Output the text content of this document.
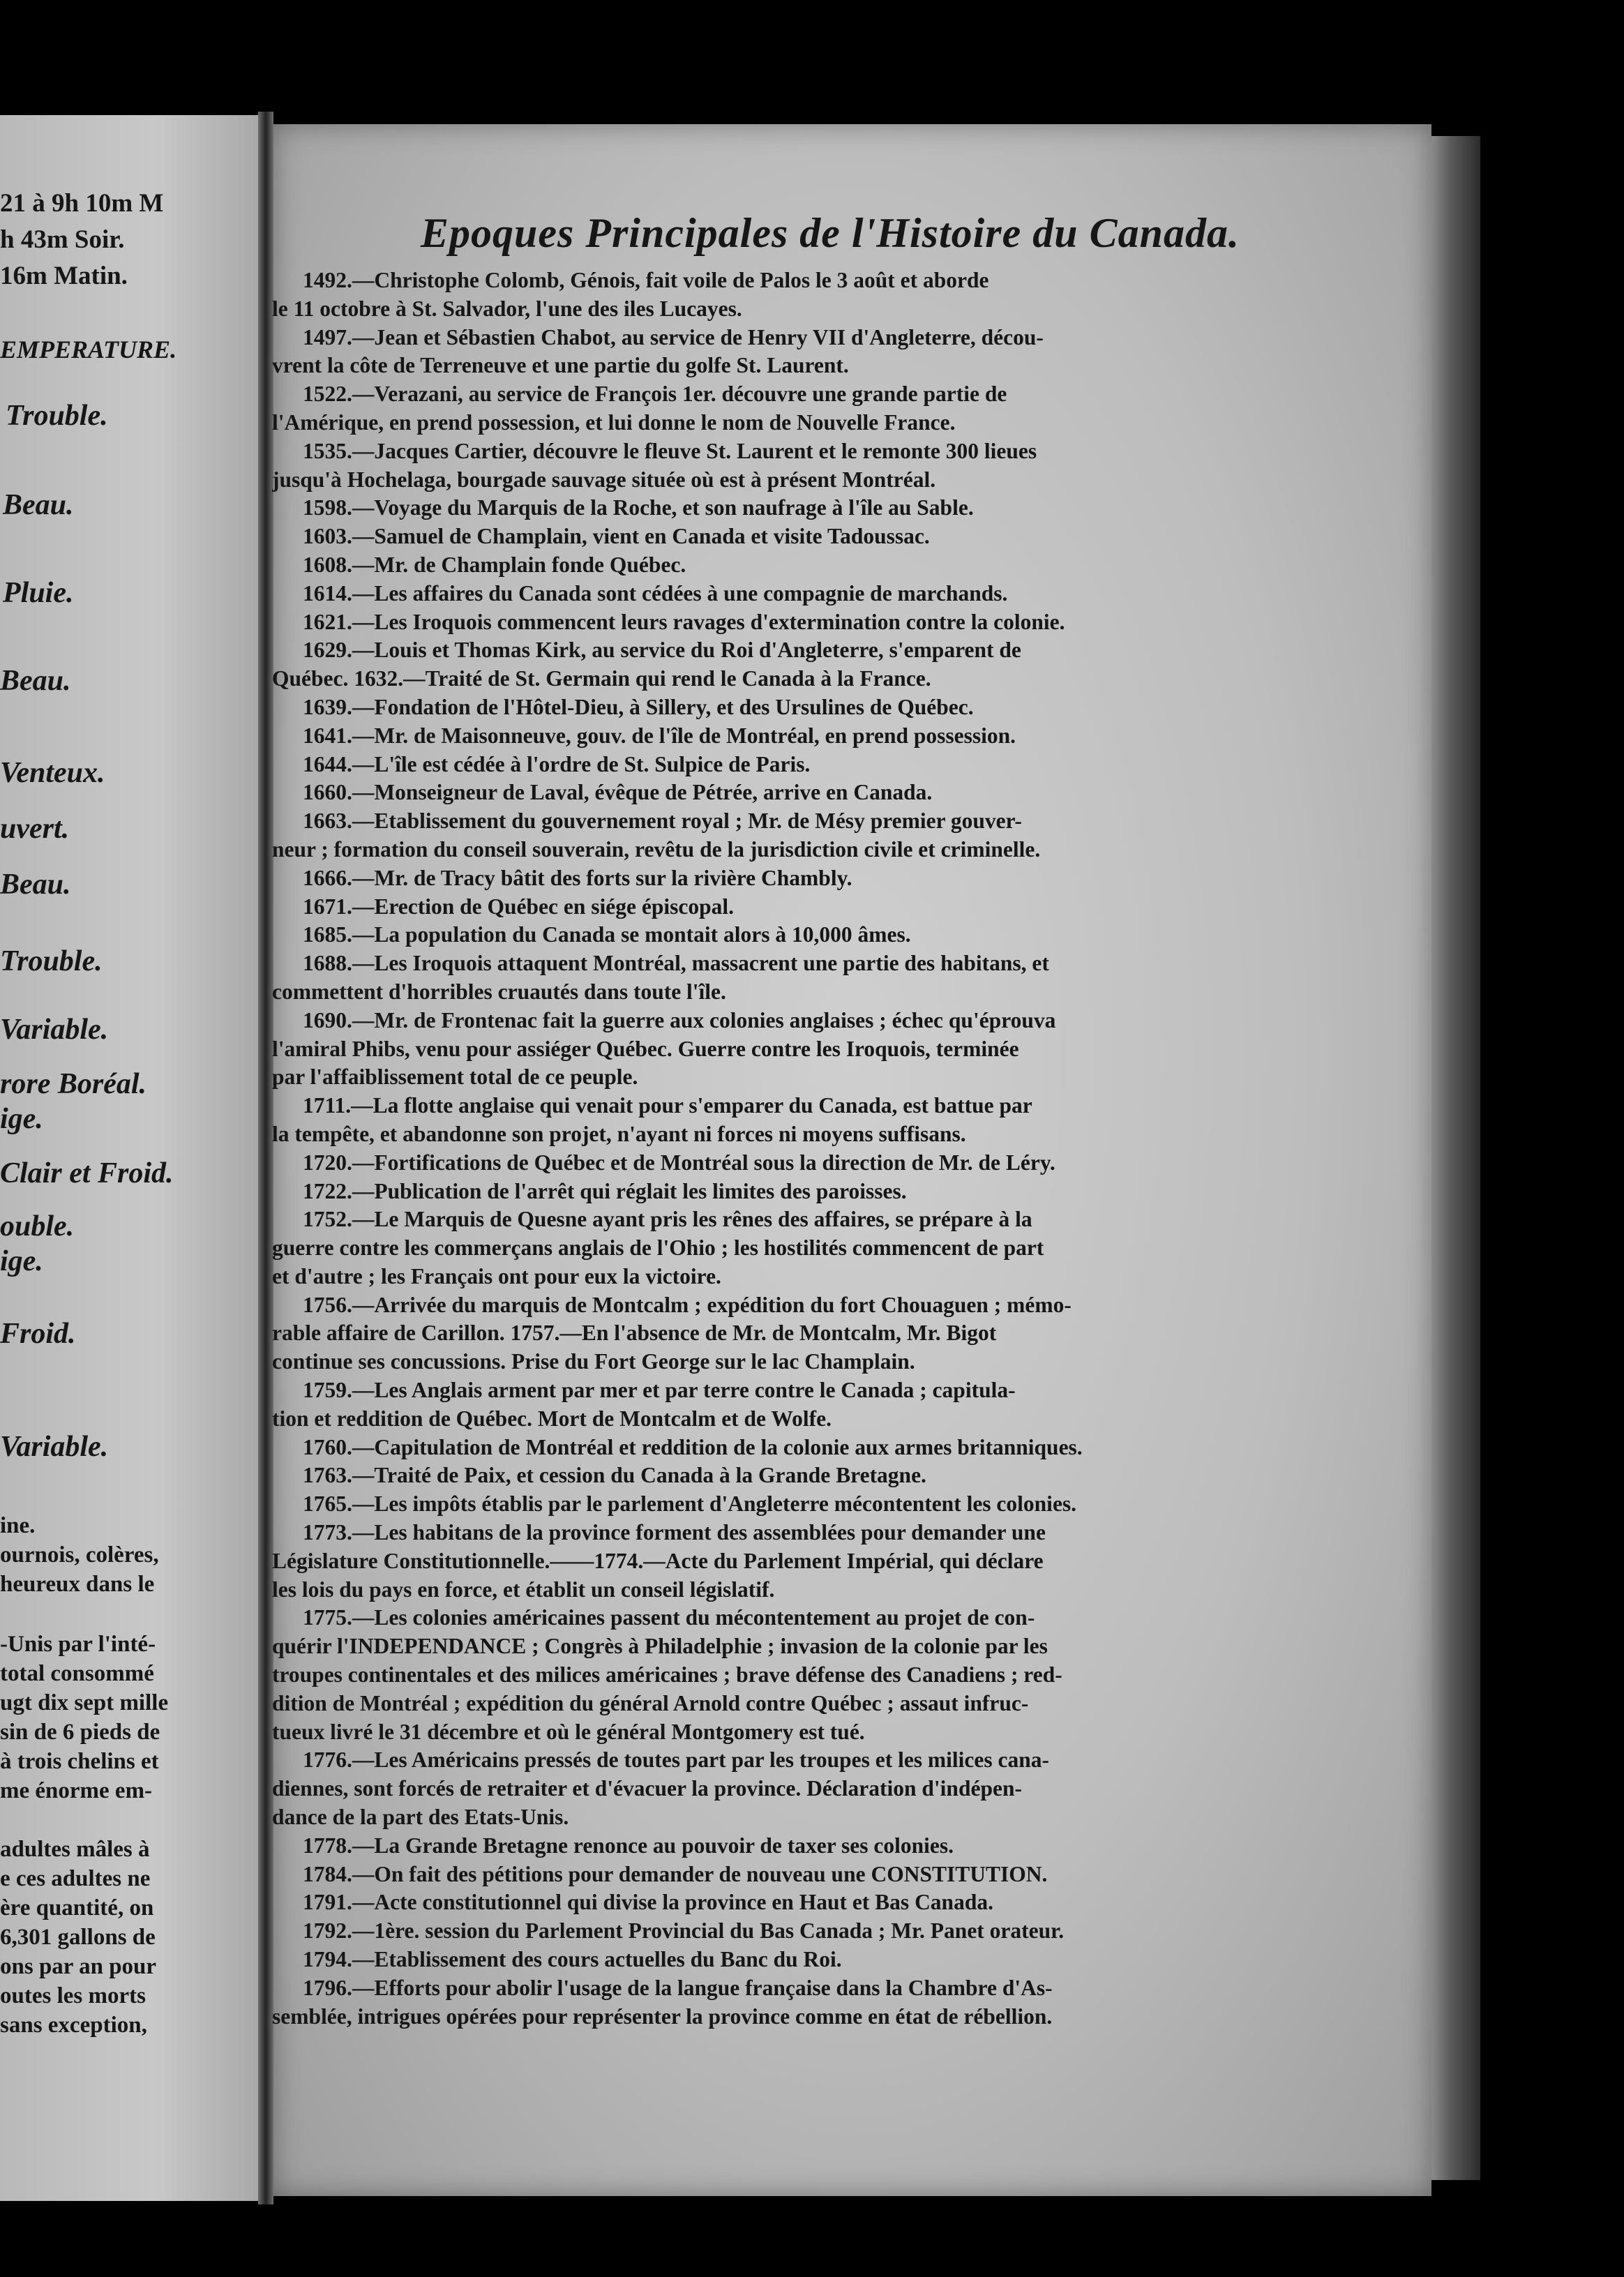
21 à 9h 10m M
h 43m Soir.
16m Matin.
EMPERATURE.
Trouble.
Beau.
Pluie.
Beau.
Venteux.
uvert.
Beau.
Trouble.
Variable.
rore Boréal.
ige.
Clair et Froid.
ouble.
ige.
Froid.
Variable.
ine.
ournois, colères,
heureux dans le
-Unis par l'inté-
total consommé
ugt dix sept mille
sin de 6 pieds de
à trois chelins et
me énorme em-
adultes mâles à
e ces adultes ne
ère quantité, on
6,301 gallons de
ons par an pour
outes les morts
sans exception,
Epoques Principales de l'Histoire du Canada.
1492.—Christophe Colomb, Génois, fait voile de Palos le 3 août et aborde
le 11 octobre à St. Salvador, l'une des iles Lucayes.
1497.—Jean et Sébastien Chabot, au service de Henry VII d'Angleterre, décou-
vrent la côte de Terreneuve et une partie du golfe St. Laurent.
1522.—Verazani, au service de François 1er. découvre une grande partie de
l'Amérique, en prend possession, et lui donne le nom de Nouvelle France.
1535.—Jacques Cartier, découvre le fleuve St. Laurent et le remonte 300 lieues
jusqu'à Hochelaga, bourgade sauvage située où est à présent Montréal.
1598.—Voyage du Marquis de la Roche, et son naufrage à l'île au Sable.
1603.—Samuel de Champlain, vient en Canada et visite Tadoussac.
1608.—Mr. de Champlain fonde Québec.
1614.—Les affaires du Canada sont cédées à une compagnie de marchands.
1621.—Les Iroquois commencent leurs ravages d'extermination contre la colonie.
1629.—Louis et Thomas Kirk, au service du Roi d'Angleterre, s'emparent de
Québec. 1632.—Traité de St. Germain qui rend le Canada à la France.
1639.—Fondation de l'Hôtel-Dieu, à Sillery, et des Ursulines de Québec.
1641.—Mr. de Maisonneuve, gouv. de l'île de Montréal, en prend possession.
1644.—L'île est cédée à l'ordre de St. Sulpice de Paris.
1660.—Monseigneur de Laval, évêque de Pétrée, arrive en Canada.
1663.—Etablissement du gouvernement royal ; Mr. de Mésy premier gouver-
neur ; formation du conseil souverain, revêtu de la jurisdiction civile et criminelle.
1666.—Mr. de Tracy bâtit des forts sur la rivière Chambly.
1671.—Erection de Québec en siége épiscopal.
1685.—La population du Canada se montait alors à 10,000 âmes.
1688.—Les Iroquois attaquent Montréal, massacrent une partie des habitans, et
commettent d'horribles cruautés dans toute l'île.
1690.—Mr. de Frontenac fait la guerre aux colonies anglaises ; échec qu'éprouva
l'amiral Phibs, venu pour assiéger Québec. Guerre contre les Iroquois, terminée
par l'affaiblissement total de ce peuple.
1711.—La flotte anglaise qui venait pour s'emparer du Canada, est battue par
la tempête, et abandonne son projet, n'ayant ni forces ni moyens suffisans.
1720.—Fortifications de Québec et de Montréal sous la direction de Mr. de Léry.
1722.—Publication de l'arrêt qui réglait les limites des paroisses.
1752.—Le Marquis de Quesne ayant pris les rênes des affaires, se prépare à la
guerre contre les commerçans anglais de l'Ohio ; les hostilités commencent de part
et d'autre ; les Français ont pour eux la victoire.
1756.—Arrivée du marquis de Montcalm ; expédition du fort Chouaguen ; mémo-
rable affaire de Carillon. 1757.—En l'absence de Mr. de Montcalm, Mr. Bigot
continue ses concussions. Prise du Fort George sur le lac Champlain.
1759.—Les Anglais arment par mer et par terre contre le Canada ; capitula-
tion et reddition de Québec. Mort de Montcalm et de Wolfe.
1760.—Capitulation de Montréal et reddition de la colonie aux armes britanniques.
1763.—Traité de Paix, et cession du Canada à la Grande Bretagne.
1765.—Les impôts établis par le parlement d'Angleterre mécontentent les colonies.
1773.—Les habitans de la province forment des assemblées pour demander une
Législature Constitutionnelle.——1774.—Acte du Parlement Impérial, qui déclare
les lois du pays en force, et établit un conseil législatif.
1775.—Les colonies américaines passent du mécontentement au projet de con-
quérir l'INDEPENDANCE ; Congrès à Philadelphie ; invasion de la colonie par les
troupes continentales et des milices américaines ; brave défense des Canadiens ; red-
dition de Montréal ; expédition du général Arnold contre Québec ; assaut infruc-
tueux livré le 31 décembre et où le général Montgomery est tué.
1776.—Les Américains pressés de toutes part par les troupes et les milices cana-
diennes, sont forcés de retraiter et d'évacuer la province. Déclaration d'indépen-
dance de la part des Etats-Unis.
1778.—La Grande Bretagne renonce au pouvoir de taxer ses colonies.
1784.—On fait des pétitions pour demander de nouveau une CONSTITUTION.
1791.—Acte constitutionnel qui divise la province en Haut et Bas Canada.
1792.—1ère. session du Parlement Provincial du Bas Canada ; Mr. Panet orateur.
1794.—Etablissement des cours actuelles du Banc du Roi.
1796.—Efforts pour abolir l'usage de la langue française dans la Chambre d'As-
semblée, intrigues opérées pour représenter la province comme en état de rébellion.
